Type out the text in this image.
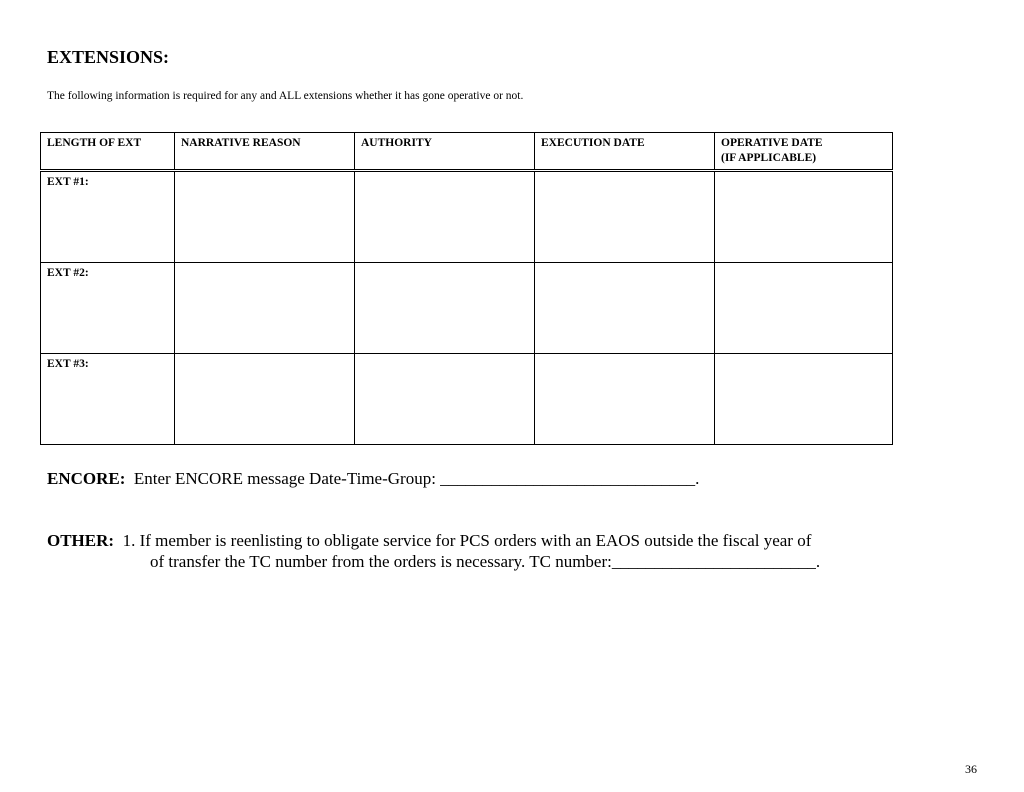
EXTENSIONS:

The following information is required for any and ALL extensions whether it has gone operative or not.

LENGTH OF EXT	NARRATIVE REASON	AUTHORITY	EXECUTION DATE	OPERATIVE DATE
(IF APPLICABLE)
EXT #1:				
EXT #2:				
EXT #3:				

ENCORE: Enter ENCORE message Date-Time-Group: ______________________________.

OTHER: 1. If member is reenlisting to obligate service for PCS orders with an EAOS outside the fiscal year of

of transfer the TC number from the orders is necessary. TC number:________________________.

36
